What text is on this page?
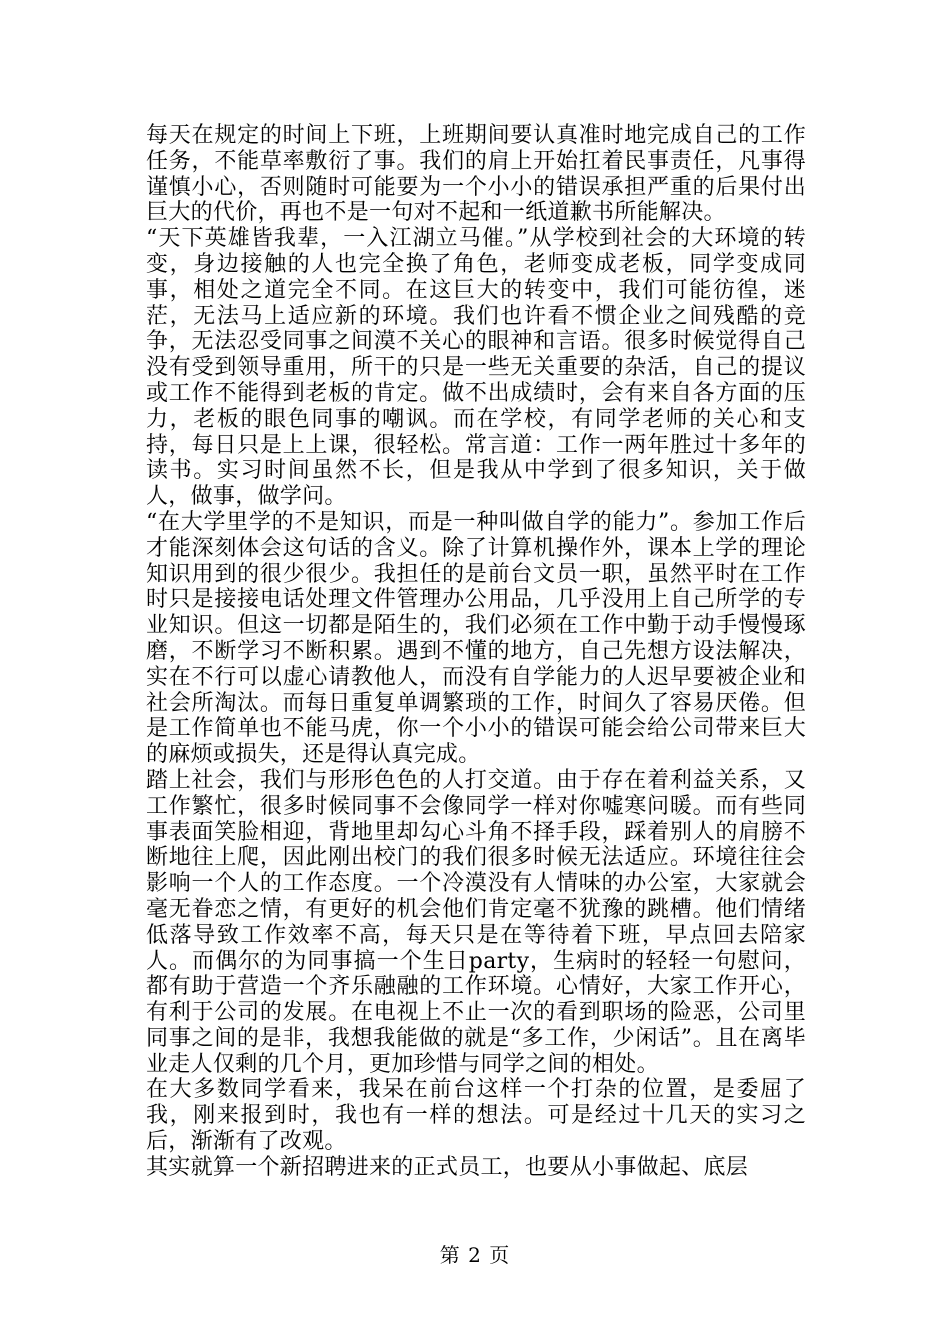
每天在规定的时间上下班，上班期间要认真准时地完成自己的工作任务，不能草率敷衍了事。我们的肩上开始扛着民事责任，凡事得谨慎小心，否则随时可能要为一个小小的错误承担严重的后果付出巨大的代价，再也不是一句对不起和一纸道歉书所能解决。

“天下英雄皆我辈，一入江湖立马催。”从学校到社会的大环境的转变，身边接触的人也完全换了角色，老师变成老板，同学变成同事，相处之道完全不同。在这巨大的转变中，我们可能彷徨，迷茫，无法马上适应新的环境。我们也许看不惯企业之间残酷的竞争，无法忍受同事之间漠不关心的眼神和言语。很多时候觉得自己没有受到领导重用，所干的只是一些无关重要的杂活，自己的提议或工作不能得到老板的肯定。做不出成绩时，会有来自各方面的压力，老板的眼色同事的嘲讽。而在学校，有同学老师的关心和支持，每日只是上上课，很轻松。常言道：工作一两年胜过十多年的读书。实习时间虽然不长，但是我从中学到了很多知识，关于做人，做事，做学问。

“在大学里学的不是知识，而是一种叫做自学的能力”。参加工作后才能深刻体会这句话的含义。除了计算机操作外，课本上学的理论知识用到的很少很少。我担任的是前台文员一职，虽然平时在工作时只是接接电话处理文件管理办公用品，几乎没用上自己所学的专业知识。但这一切都是陌生的，我们必须在工作中勤于动手慢慢琢磨，不断学习不断积累。遇到不懂的地方，自己先想方设法解决，实在不行可以虚心请教他人，而没有自学能力的人迟早要被企业和社会所淘汰。而每日重复单调繁琐的工作，时间久了容易厌倦。但是工作简单也不能马虎，你一个小小的错误可能会给公司带来巨大的麻烦或损失，还是得认真完成。

踏上社会，我们与形形色色的人打交道。由于存在着利益关系，又工作繁忙，很多时候同事不会像同学一样对你嘘寒问暖。而有些同事表面笑脸相迎，背地里却勾心斗角不择手段，踩着别人的肩膀不断地往上爬，因此刚出校门的我们很多时候无法适应。环境往往会影响一个人的工作态度。一个冷漠没有人情味的办公室，大家就会毫无眷恋之情，有更好的机会他们肯定毫不犹豫的跳槽。他们情绪低落导致工作效率不高，每天只是在等待着下班，早点回去陪家人。而偶尔的为同事搞一个生日party，生病时的轻轻一句慰问，都有助于营造一个齐乐融融的工作环境。心情好，大家工作开心，有利于公司的发展。在电视上不止一次的看到职场的险恶，公司里同事之间的是非，我想我能做的就是“多工作，少闲话”。且在离毕业走人仅剩的几个月，更加珍惜与同学之间的相处。

在大多数同学看来，我呆在前台这样一个打杂的位置，是委屈了我，刚来报到时，我也有一样的想法。可是经过十几天的实习之后，渐渐有了改观。

其实就算一个新招聘进来的正式员工，也要从小事做起、底层

第 2 页
